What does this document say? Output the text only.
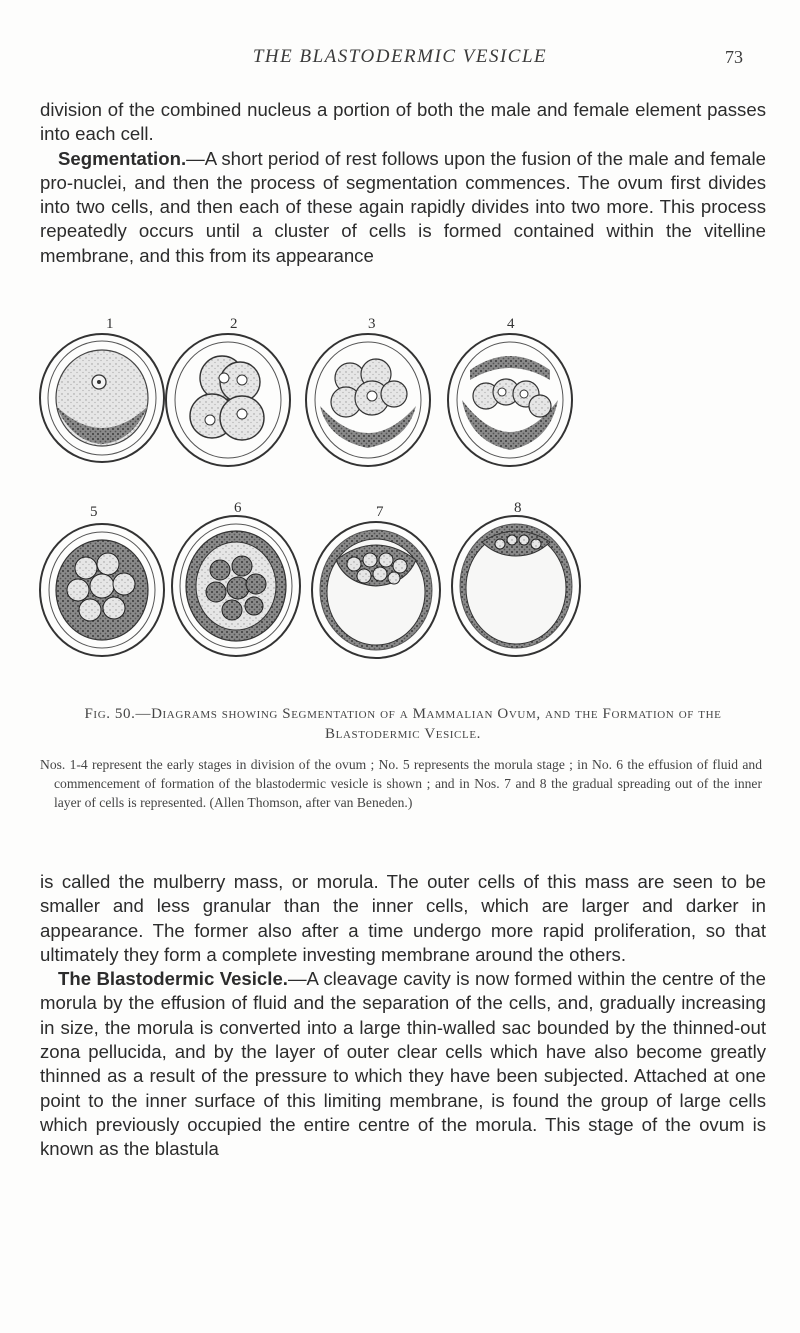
THE BLASTODERMIC VESICLE	73

division of the combined nucleus a portion of both the male and female element passes into each cell.

Segmentation.—A short period of rest follows upon the fusion of the male and female pro-nuclei, and then the process of segmentation commences. The ovum first divides into two cells, and then each of these again rapidly divides into two more. This process repeatedly occurs until a cluster of cells is formed contained within the vitelline membrane, and this from its appearance

1	2	3	4
5	6	7	8
Fig. 50.—Diagrams showing Segmentation of a Mammalian Ovum, and the Formation of the Blastodermic Vesicle.
Nos. 1-4 represent the early stages in division of the ovum ; No. 5 represents the morula stage ; in No. 6 the effusion of fluid and commencement of formation of the blastodermic vesicle is shown ; and in Nos. 7 and 8 the gradual spreading out of the inner layer of cells is represented. (Allen Thomson, after van Beneden.)

is called the mulberry mass, or morula. The outer cells of this mass are seen to be smaller and less granular than the inner cells, which are larger and darker in appearance. The former also after a time undergo more rapid proliferation, so that ultimately they form a complete investing membrane around the others.

The Blastodermic Vesicle.—A cleavage cavity is now formed within the centre of the morula by the effusion of fluid and the separation of the cells, and, gradually increasing in size, the morula is converted into a large thin-walled sac bounded by the thinned-out zona pellucida, and by the layer of outer clear cells which have also become greatly thinned as a result of the pressure to which they have been subjected. Attached at one point to the inner surface of this limiting membrane, is found the group of large cells which previously occupied the entire centre of the morula. This stage of the ovum is known as the blastula
